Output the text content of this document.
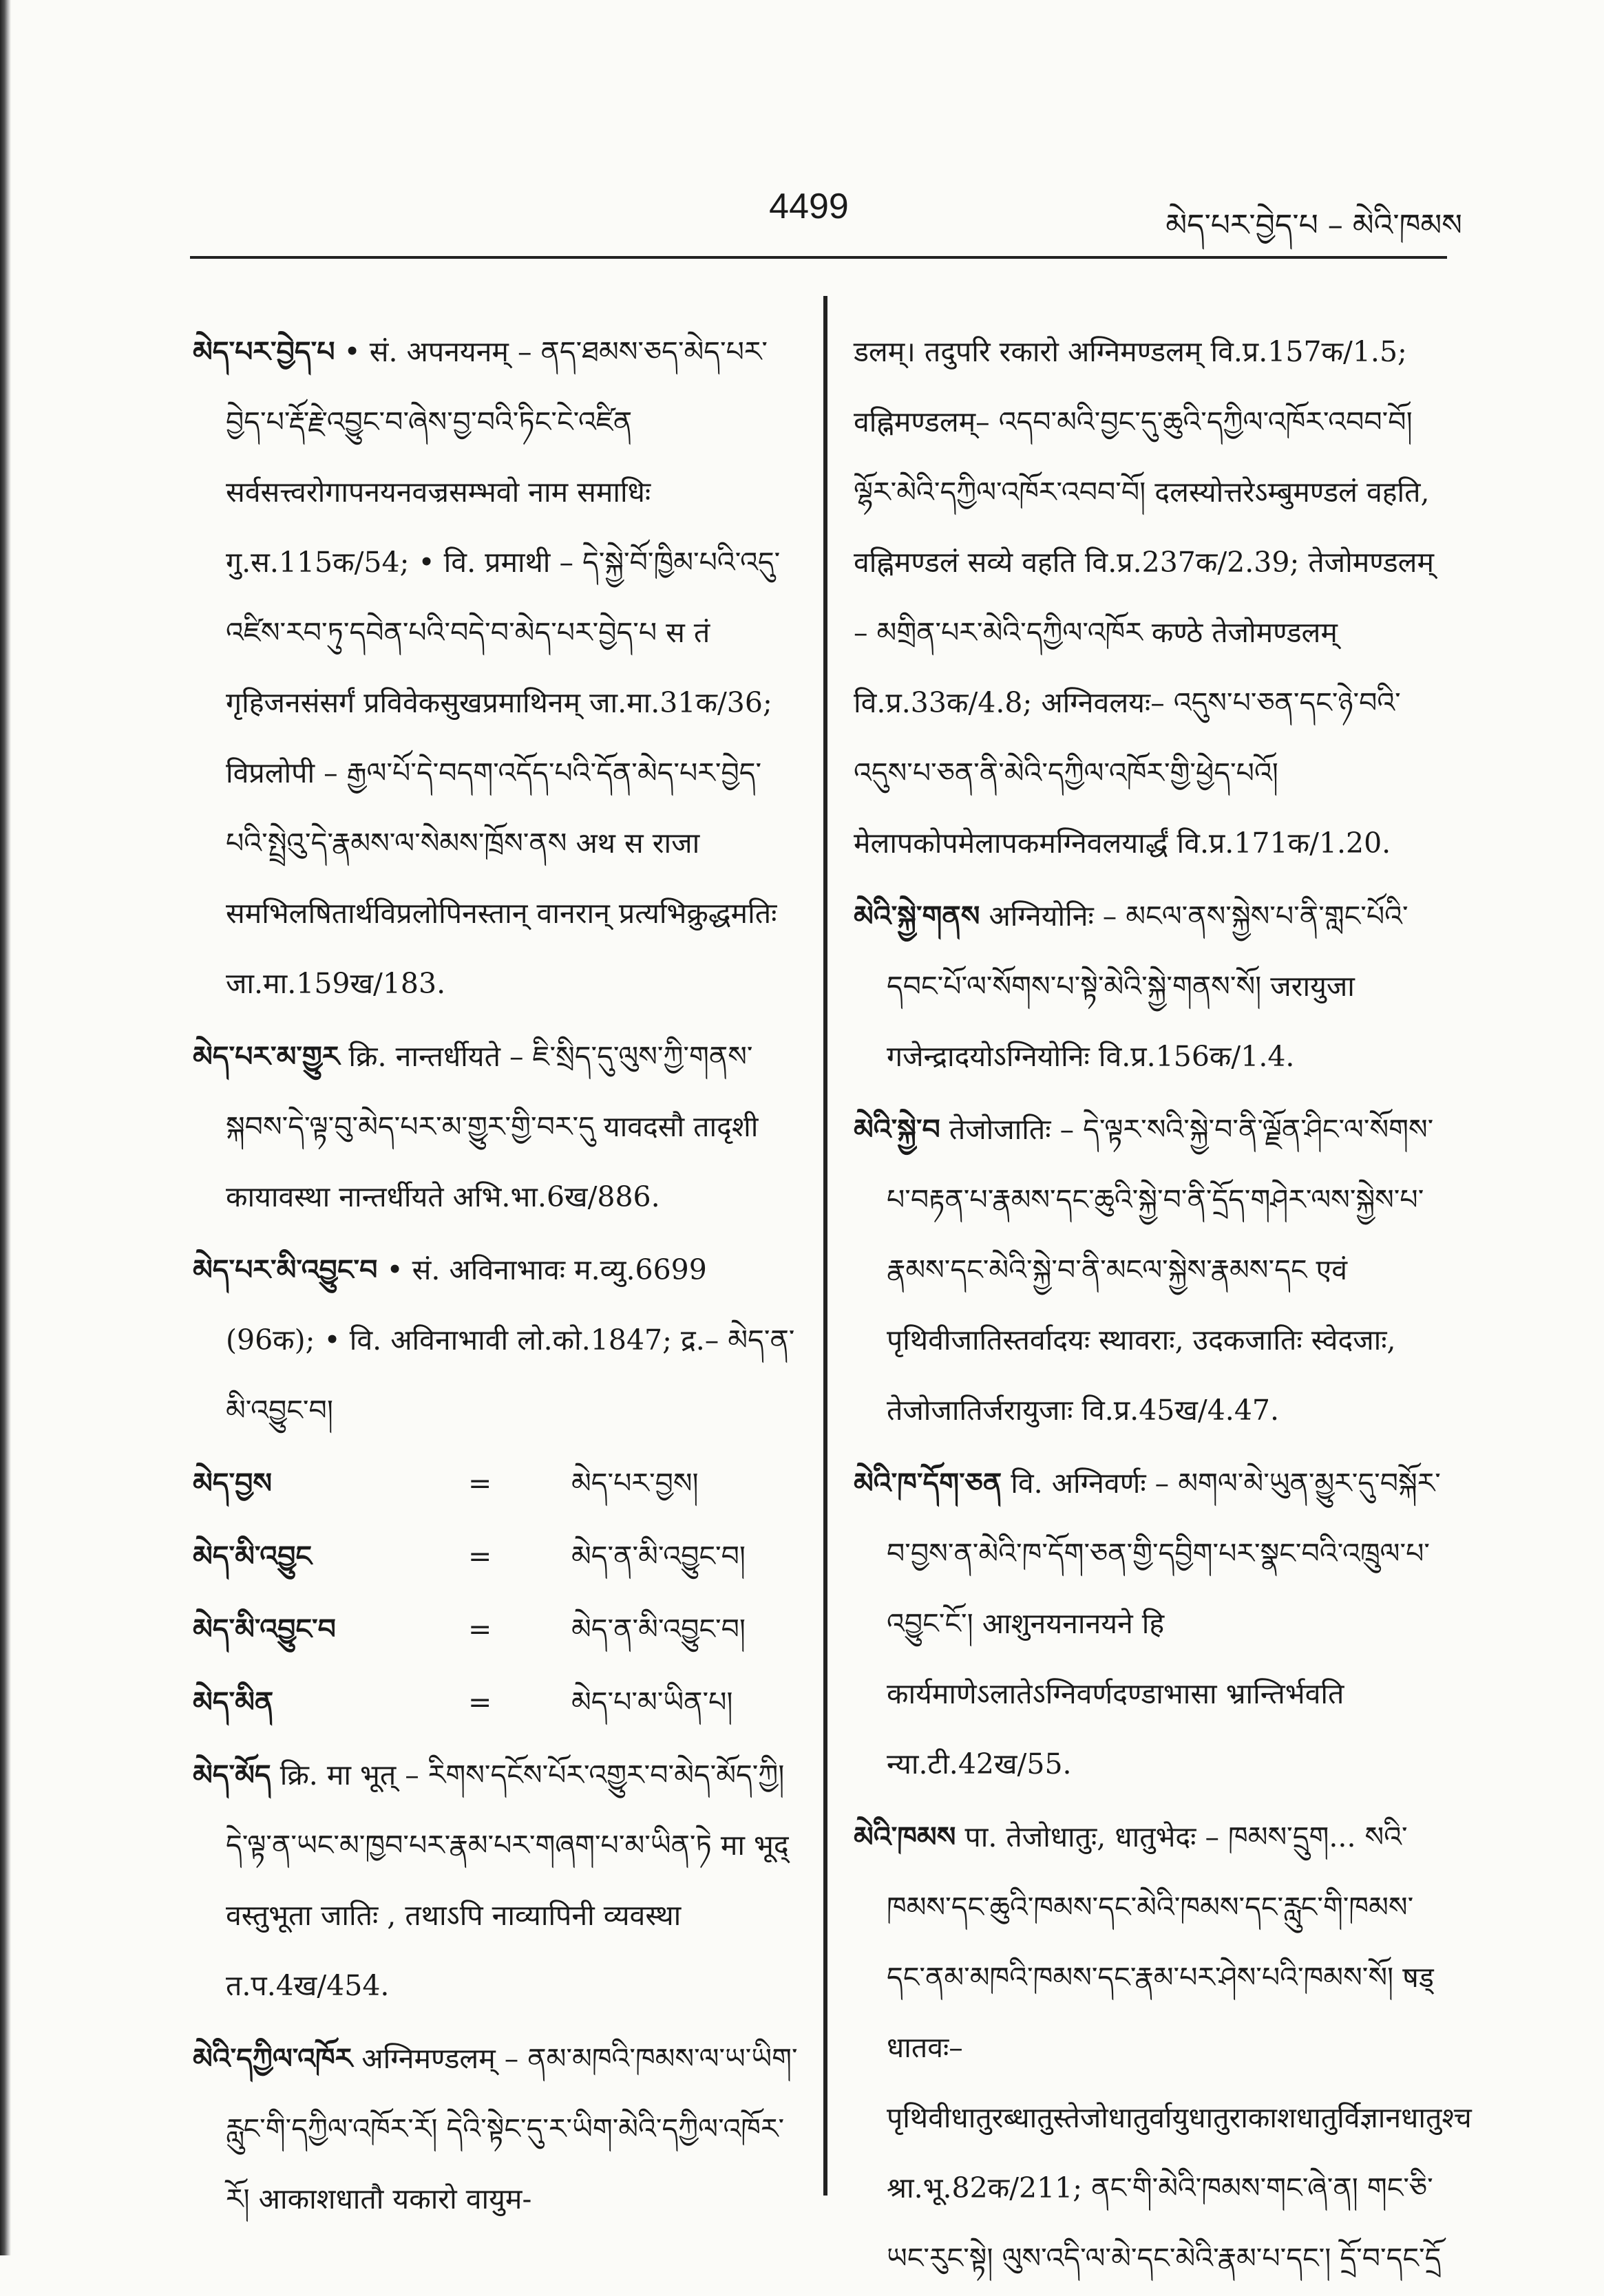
4499	མེད་པར་བྱེད་པ – མེའི་ཁམས

མེད་པར་བྱེད་པ • सं. अपनयनम् – ནད་ཐམས་ཅད་མེད་པར་བྱེད་པ་རྡོ་རྗེ་འབྱུང་བ་ཞེས་བྱ་བའི་ཏིང་ངེ་འཛིན सर्वसत्त्वरोगापनयनवज्रसम्भवो नाम समाधिः गु.स.115क/54; • वि. प्रमाथी – དེ་སྐྱེ་བོ་ཁྱིམ་པའི་འདུ་འཛིས་རབ་ཏུ་དབེན་པའི་བདེ་བ་མེད་པར་བྱེད་པ स तं गृहिजनसंसर्गं प्रविवेकसुखप्रमाथिनम् जा.मा.31क/36; विप्रलोपी – རྒྱལ་པོ་དེ་བདག་འདོད་པའི་དོན་མེད་པར་བྱེད་པའི་སྤྲེའུ་དེ་རྣམས་ལ་སེམས་ཁྲོས་ནས अथ स राजा समभिलषितार्थविप्रलोपिनस्तान् वानरान् प्रत्यभिक्रुद्धमतिः जा.मा.159ख/183.

མེད་པར་མ་གྱུར क्रि. नान्तर्धीयते – ཇི་སྲིད་དུ་ལུས་ཀྱི་གནས་སྐབས་དེ་ལྟ་བུ་མེད་པར་མ་གྱུར་གྱི་བར་དུ यावदसौ तादृशी कायावस्था नान्तर्धीयते अभि.भा.6ख/886.

མེད་པར་མི་འབྱུང་བ • सं. अविनाभावः म.व्यु.6699 (96क); • वि. अविनाभावी लो.को.1847; द्र.– མེད་ན་མི་འབྱུང་བ།

མེད་བྱས	=	མེད་པར་བྱས།
མེད་མི་འབྱུང	=	མེད་ན་མི་འབྱུང་བ།
མེད་མི་འབྱུང་བ	=	མེད་ན་མི་འབྱུང་བ།
མེད་མིན	=	མེད་པ་མ་ཡིན་པ།

མེད་མོད क्रि. मा भूत् – རིགས་དངོས་པོར་འགྱུར་བ་མེད་མོད་ཀྱི། དེ་ལྟ་ན་ཡང་མ་ཁྱབ་པར་རྣམ་པར་གཞག་པ་མ་ཡིན་ཏེ मा भूद् वस्तुभूता जातिः , तथाऽपि नाव्यापिनी व्यवस्था त.प.4ख/454.

མེའི་དཀྱིལ་འཁོར अग्निमण्डलम् – ནམ་མཁའི་ཁམས་ལ་ཡ་ཡིག་རླུང་གི་དཀྱིལ་འཁོར་རོ། དེའི་སྟེང་དུ་ར་ཡིག་མེའི་དཀྱིལ་འཁོར་རོ། आकाशधातौ यकारो वायुम-

डलम्। तदुपरि रकारो अग्निमण्डलम् वि.प्र.157क/1.5; वह्निमण्डलम्– འདབ་མའི་བྱང་དུ་ཆུའི་དཀྱིལ་འཁོར་འབབ་བོ། ལྷོར་མེའི་དཀྱིལ་འཁོར་འབབ་བོ། दलस्योत्तरेऽम्बुमण्डलं वहति, वह्निमण्डलं सव्ये वहति वि.प्र.237क/2.39; तेजोमण्डलम् – མགྲིན་པར་མེའི་དཀྱིལ་འཁོར कण्ठे तेजोमण्डलम् वि.प्र.33क/4.8; अग्निवलयः– འདུས་པ་ཅན་དང་ཉེ་བའི་འདུས་པ་ཅན་ནི་མེའི་དཀྱིལ་འཁོར་གྱི་ཕྱེད་པའོ། मेलापकोपमेलापकमग्निवलयार्द्धं वि.प्र.171क/1.20.

མེའི་སྐྱེ་གནས अग्नियोनिः – མངལ་ནས་སྐྱེས་པ་ནི་གླང་པོའི་དབང་པོ་ལ་སོགས་པ་སྟེ་མེའི་སྐྱེ་གནས་སོ། जरायुजा गजेन्द्रादयोऽग्नियोनिः वि.प्र.156क/1.4.

མེའི་སྐྱེ་བ तेजोजातिः – དེ་ལྟར་སའི་སྐྱེ་བ་ནི་ལྗོན་ཤིང་ལ་སོགས་པ་བརྟན་པ་རྣམས་དང་ཆུའི་སྐྱེ་བ་ནི་དྲོད་གཤེར་ལས་སྐྱེས་པ་རྣམས་དང་མེའི་སྐྱེ་བ་ནི་མངལ་སྐྱེས་རྣམས་དང एवं पृथिवीजातिस्तर्वादयः स्थावराः, उदकजातिः स्वेदजाः, तेजोजातिर्जरायुजाः वि.प्र.45ख/4.47.

མེའི་ཁ་དོག་ཅན वि. अग्निवर्णः – མགལ་མེ་ཡུན་མྱུར་དུ་བསྐོར་བ་བྱས་ན་མེའི་ཁ་དོག་ཅན་གྱི་དབྱིག་པར་སྣང་བའི་འཁྲུལ་པ་འབྱུང་ངོ་། आशुनयनानयने हि कार्यमाणेऽलातेऽग्निवर्णदण्डाभासा भ्रान्तिर्भवति न्या.टी.42ख/55.

མེའི་ཁམས पा. तेजोधातुः, धातुभेदः – ཁམས་དྲུག... སའི་ཁམས་དང་ཆུའི་ཁམས་དང་མེའི་ཁམས་དང་རླུང་གི་ཁམས་དང་ནམ་མཁའི་ཁམས་དང་རྣམ་པར་ཤེས་པའི་ཁམས་སོ། षड् धातवः–पृथिवीधातुरब्धातुस्तेजोधातुर्वायुधातुराकाशधातुर्विज्ञानधातुश्च श्रा.भू.82क/211; ནང་གི་མེའི་ཁམས་གང་ཞེ་ན། གང་ཅི་ཡང་རུང་སྟེ། ལུས་འདི་ལ་མེ་དང་མེའི་རྣམ་པ་དང་། དྲོ་བ་དང་དྲོ
